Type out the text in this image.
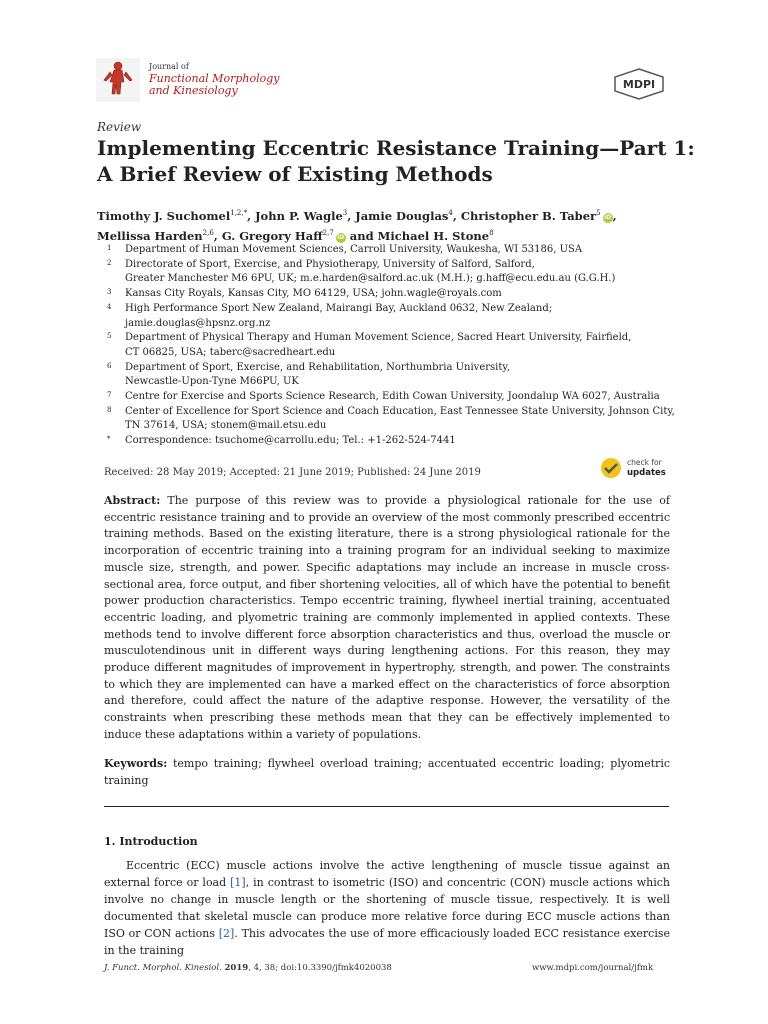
Journal of
Functional Morphology
and Kinesiology	MDPI
Review
Implementing Eccentric Resistance Training—Part 1:
A Brief Review of Existing Methods
Timothy J. Suchomel$^{1,2,*}$, John P. Wagle$^3$, Jamie Douglas$^4$, Christopher B. Taber$^5$iD,
Mellissa Harden$^{2,6}$, G. Gregory Haff$^{2,7}$iD and Michael H. Stone$^8$
1	Department of Human Movement Sciences, Carroll University, Waukesha, WI 53186, USA
2	Directorate of Sport, Exercise, and Physiotherapy, University of Salford, Salford,
Greater Manchester M6 6PU, UK; m.e.harden@salford.ac.uk (M.H.); g.haff@ecu.edu.au (G.G.H.)
3	Kansas City Royals, Kansas City, MO 64129, USA; john.wagle@royals.com
4	High Performance Sport New Zealand, Mairangi Bay, Auckland 0632, New Zealand;
jamie.douglas@hpsnz.org.nz
5	Department of Physical Therapy and Human Movement Science, Sacred Heart University, Fairfield,
CT 06825, USA; taberc@sacredheart.edu
6	Department of Sport, Exercise, and Rehabilitation, Northumbria University,
Newcastle-Upon-Tyne M66PU, UK
7	Centre for Exercise and Sports Science Research, Edith Cowan University, Joondalup WA 6027, Australia
8	Center of Excellence for Sport Science and Coach Education, East Tennessee State University, Johnson City,
TN 37614, USA; stonem@mail.etsu.edu
*	Correspondence: tsuchome@carrollu.edu; Tel.: +1-262-524-7441
Received: 28 May 2019; Accepted: 21 June 2019; Published: 24 June 2019
check for
updates

Abstract: The purpose of this review was to provide a physiological rationale for the use of eccentric resistance training and to provide an overview of the most commonly prescribed eccentric training methods. Based on the existing literature, there is a strong physiological rationale for the incorporation of eccentric training into a training program for an individual seeking to maximize muscle size, strength, and power. Specific adaptations may include an increase in muscle cross-sectional area, force output, and fiber shortening velocities, all of which have the potential to benefit power production characteristics. Tempo eccentric training, flywheel inertial training, accentuated eccentric loading, and plyometric training are commonly implemented in applied contexts. These methods tend to involve different force absorption characteristics and thus, overload the muscle or musculotendinous unit in different ways during lengthening actions. For this reason, they may produce different magnitudes of improvement in hypertrophy, strength, and power. The constraints to which they are implemented can have a marked effect on the characteristics of force absorption and therefore, could affect the nature of the adaptive response. However, the versatility of the constraints when prescribing these methods mean that they can be effectively implemented to induce these adaptations within a variety of populations.

Keywords: tempo training; flywheel overload training; accentuated eccentric loading; plyometric training

1. Introduction

Eccentric (ECC) muscle actions involve the active lengthening of muscle tissue against an external force or load [1], in contrast to isometric (ISO) and concentric (CON) muscle actions which involve no change in muscle length or the shortening of muscle tissue, respectively. It is well documented that skeletal muscle can produce more relative force during ECC muscle actions than ISO or CON actions [2]. This advocates the use of more efficaciously loaded ECC resistance exercise in the training

J. Funct. Morphol. Kinesiol. 2019, 4, 38; doi:10.3390/jfmk4020038	www.mdpi.com/journal/jfmk
